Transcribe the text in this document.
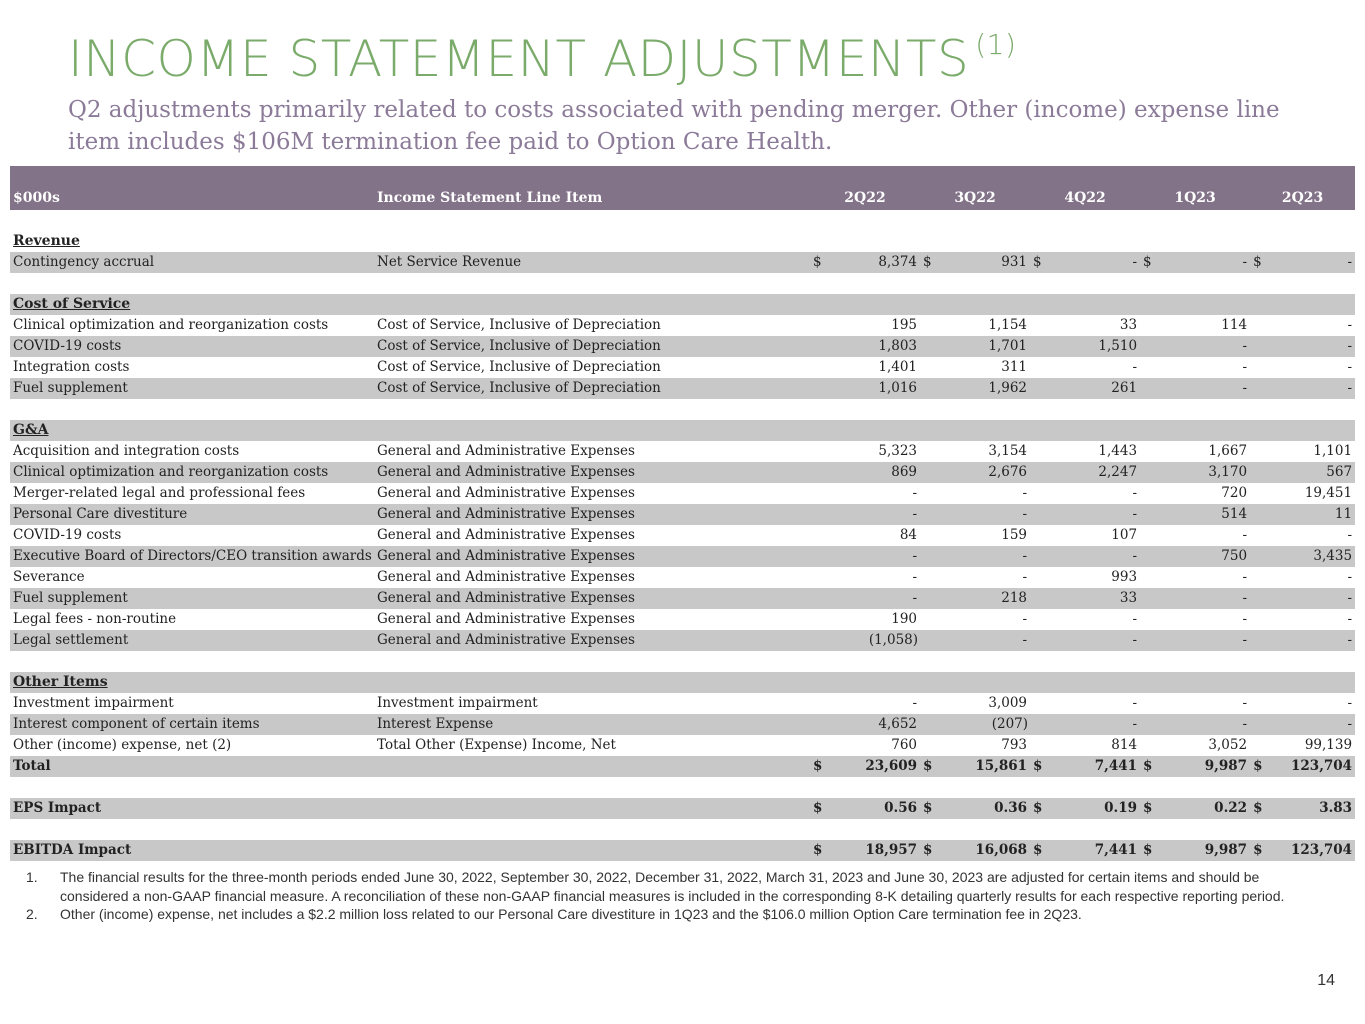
INCOME STATEMENT ADJUSTMENTS $^{(1)}$
Q2 adjustments primarily related to costs associated with pending merger. Other (income) expense line item includes $106M termination fee paid to Option Care Health.
$000s	Income Statement Line Item	2Q22		3Q22		4Q22		1Q23		2Q23	

Revenue											
Contingency accrual	Net Service Revenue	$	8,374	$	931	$	-	$	-	$	-

Cost of Service											
Clinical optimization and reorganization costs	Cost of Service, Inclusive of Depreciation		195		1,154		33		114		-
COVID-19 costs	Cost of Service, Inclusive of Depreciation		1,803		1,701		1,510		-		-
Integration costs	Cost of Service, Inclusive of Depreciation		1,401		311		-		-		-
Fuel supplement	Cost of Service, Inclusive of Depreciation		1,016		1,962		261		-		-

G&A											
Acquisition and integration costs	General and Administrative Expenses		5,323		3,154		1,443		1,667		1,101
Clinical optimization and reorganization costs	General and Administrative Expenses		869		2,676		2,247		3,170		567
Merger-related legal and professional fees	General and Administrative Expenses		-		-		-		720		19,451
Personal Care divestiture	General and Administrative Expenses		-		-		-		514		11
COVID-19 costs	General and Administrative Expenses		84		159		107		-		-
Executive Board of Directors/CEO transition awards	General and Administrative Expenses		-		-		-		750		3,435
Severance	General and Administrative Expenses		-		-		993		-		-
Fuel supplement	General and Administrative Expenses		-		218		33		-		-
Legal fees - non-routine	General and Administrative Expenses		190		-		-		-		-
Legal settlement	General and Administrative Expenses		(1,058)		-		-		-		-

Other Items											
Investment impairment	Investment impairment		-		3,009		-		-		-
Interest component of certain items	Interest Expense		4,652		(207)		-		-		-
Other (income) expense, net (2)	Total Other (Expense) Income, Net		760		793		814		3,052		99,139
Total		$	23,609	$	15,861	$	7,441	$	9,987	$	123,704

EPS Impact		$	0.56	$	0.36	$	0.19	$	0.22	$	3.83

EBITDA Impact		$	18,957	$	16,068	$	7,441	$	9,987	$	123,704
1.	The financial results for the three-month periods ended June 30, 2022, September 30, 2022, December 31, 2022, March 31, 2023 and June 30, 2023 are adjusted for certain items and should be considered a non-GAAP financial measure. A reconciliation of these non-GAAP financial measures is included in the corresponding 8-K detailing quarterly results for each respective reporting period.
2.	Other (income) expense, net includes a $2.2 million loss related to our Personal Care divestiture in 1Q23 and the $106.0 million Option Care termination fee in 2Q23.
14
